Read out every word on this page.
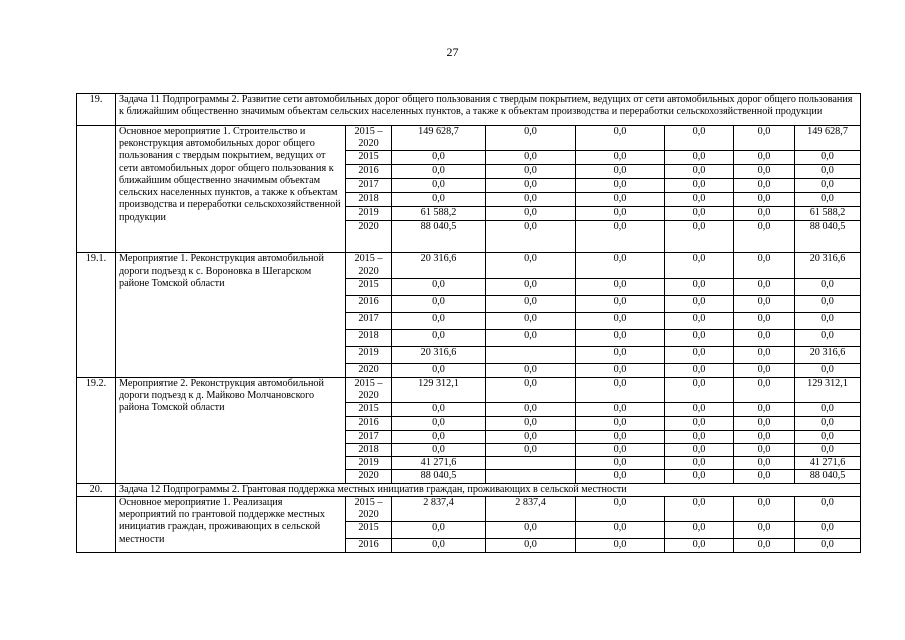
27
19.	Задача 11 Подпрограммы 2. Развитие сети автомобильных дорог общего пользования с твердым покрытием, ведущих от сети автомобильных дорог общего пользования к ближайшим общественно значимым объектам сельских населенных пунктов, а также к объектам производства и переработки сельскохозяйственной продукции							
	Основное мероприятие 1. Строительство и реконструкция автомобильных дорог общего пользования с твердым покрытием, ведущих от сети автомобильных дорог общего пользования к ближайшим общественно значимым объектам сельских населенных пунктов, а также к объектам производства и переработки сельскохозяйственной продукции	2015 – 2020	149 628,7	0,0	0,0	0,0	0,0	149 628,7
		2015	0,0	0,0	0,0	0,0	0,0	0,0
		2016	0,0	0,0	0,0	0,0	0,0	0,0
		2017	0,0	0,0	0,0	0,0	0,0	0,0
		2018	0,0	0,0	0,0	0,0	0,0	0,0
		2019	61 588,2	0,0	0,0	0,0	0,0	61 588,2
		2020	88 040,5	0,0	0,0	0,0	0,0	88 040,5
19.1.	Мероприятие 1. Реконструкция автомобильной дороги подъезд к с. Вороновка в Шегарском районе Томской области	2015 – 2020	20 316,6	0,0	0,0	0,0	0,0	20 316,6
		2015	0,0	0,0	0,0	0,0	0,0	0,0
		2016	0,0	0,0	0,0	0,0	0,0	0,0
		2017	0,0	0,0	0,0	0,0	0,0	0,0
		2018	0,0	0,0	0,0	0,0	0,0	0,0
		2019	20 316,6		0,0	0,0	0,0	20 316,6
		2020	0,0	0,0	0,0	0,0	0,0	0,0
19.2.	Мероприятие 2. Реконструкция автомобильной дороги подъезд к д. Майково Молчановского района Томской области	2015 – 2020	129 312,1	0,0	0,0	0,0	0,0	129 312,1
		2015	0,0	0,0	0,0	0,0	0,0	0,0
		2016	0,0	0,0	0,0	0,0	0,0	0,0
		2017	0,0	0,0	0,0	0,0	0,0	0,0
		2018	0,0	0,0	0,0	0,0	0,0	0,0
		2019	41 271,6		0,0	0,0	0,0	41 271,6
		2020	88 040,5		0,0	0,0	0,0	88 040,5
20.	Задача 12 Подпрограммы 2. Грантовая поддержка местных инициатив граждан, проживающих в сельской местности							
	Основное мероприятие 1. Реализация мероприятий по грантовой поддержке местных инициатив граждан, проживающих в сельской местности	2015 – 2020	2 837,4	2 837,4	0,0	0,0	0,0	0,0
		2015	0,0	0,0	0,0	0,0	0,0	0,0
		2016	0,0	0,0	0,0	0,0	0,0	0,0
